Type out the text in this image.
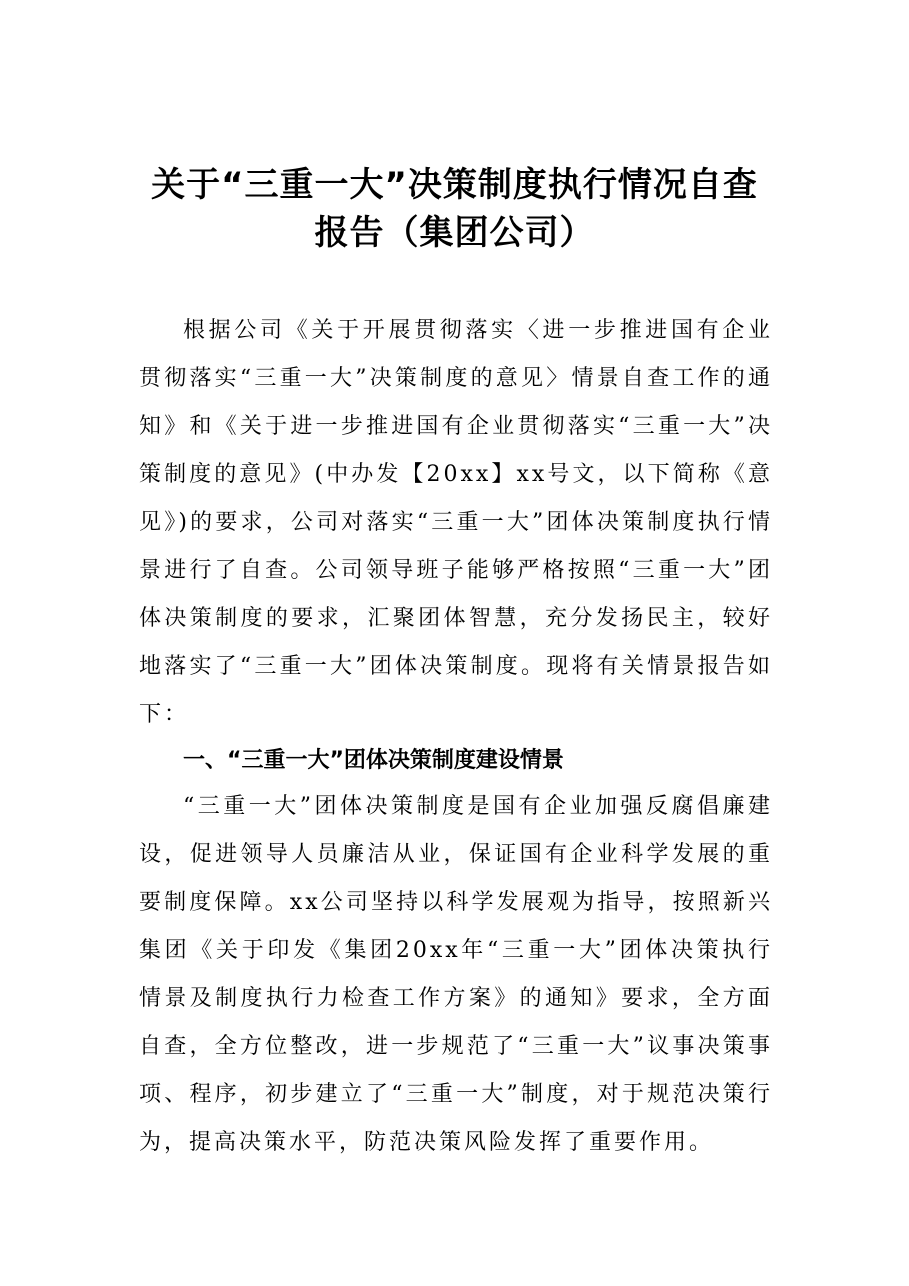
关于“三重一大”决策制度执行情况自查
报告（集团公司）

根据公司《关于开展贯彻落实〈进一步推进国有企业贯彻落实“三重一大”决策制度的意见〉情景自查工作的通知》和《关于进一步推进国有企业贯彻落实“三重一大”决策制度的意见》(中办发【20xx】xx号文，以下简称《意见》)的要求，公司对落实“三重一大”团体决策制度执行情景进行了自查。公司领导班子能够严格按照“三重一大”团体决策制度的要求，汇聚团体智慧，充分发扬民主，较好地落实了“三重一大”团体决策制度。现将有关情景报告如下：

一、“三重一大”团体决策制度建设情景

“三重一大”团体决策制度是国有企业加强反腐倡廉建设，促进领导人员廉洁从业，保证国有企业科学发展的重要制度保障。xx公司坚持以科学发展观为指导，按照新兴集团《关于印发《集团20xx年“三重一大”团体决策执行情景及制度执行力检查工作方案》的通知》要求，全方面自查，全方位整改，进一步规范了“三重一大”议事决策事项、程序，初步建立了“三重一大”制度，对于规范决策行为，提高决策水平，防范决策风险发挥了重要作用。
